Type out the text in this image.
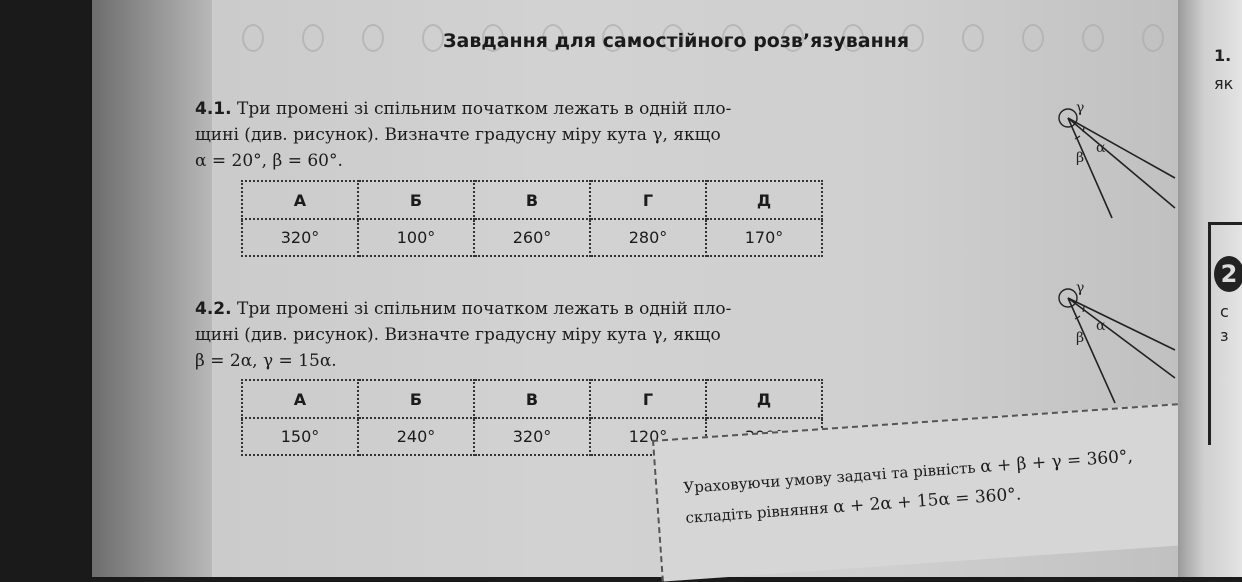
Завдання для самостійного розв’язування
4.1. Три промені зі спільним початком лежать в одній пло-
щині (див. рисунок). Визначте градусну міру кута γ, якщо
α = 20°, β = 60°.
А	Б	В	Г	Д
320°	100°	260°	280°	170°
4.2. Три промені зі спільним початком лежать в одній пло-
щині (див. рисунок). Визначте градусну міру кута γ, якщо
β = 2α, γ = 15α.
А	Б	В	Г	Д
150°	240°	320°	120°	
γ
α
β
γ
α
β

Ураховуючи умову задачі та рівність α + β + γ = 360°,

складіть рівняння α + 2α + 15α = 360°.

1.
як
2
с
з
